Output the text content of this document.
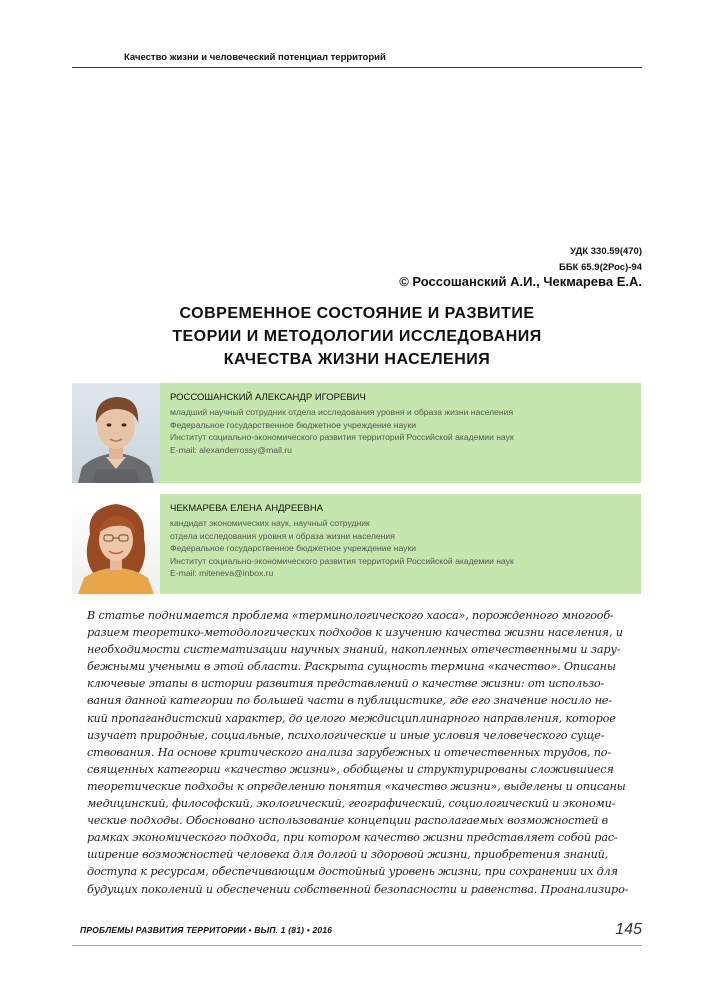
Качество жизни и человеческий потенциал территорий
УДК 330.59(470)
ББК 65.9(2Рос)-94
© Россошанский А.И., Чекмарева Е.А.
СОВРЕМЕННОЕ СОСТОЯНИЕ И РАЗВИТИЕ
ТЕОРИИ И МЕТОДОЛОГИИ ИССЛЕДОВАНИЯ
КАЧЕСТВА ЖИЗНИ НАСЕЛЕНИЯ
РОССОШАНСКИЙ АЛЕКСАНДР ИГОРЕВИЧ
младший научный сотрудник отдела исследования уровня и образа жизни населения
Федеральное государственное бюджетное учреждение науки
Институт социально-экономического развития территорий Российской академии наук
E-mail: alexanderrossy@mail.ru
ЧЕКМАРЕВА ЕЛЕНА АНДРЕЕВНА
кандидат экономических наук, научный сотрудник
отдела исследования уровня и образа жизни населения
Федеральное государственное бюджетное учреждение науки
Институт социально-экономического развития территорий Российской академии наук
E-mail: miteneva@inbox.ru
В статье поднимается проблема «терминологического хаоса», порожденного многооб-
разием теоретико-методологических подходов к изучению качества жизни населения, и
необходимости систематизации научных знаний, накопленных отечественными и зару-
бежными учеными в этой области. Раскрыта сущность термина «качество». Описаны
ключевые этапы в истории развития представлений о качестве жизни: от использо-
вания данной категории по большей части в публицистике, где его значение носило не-
кий пропагандистский характер, до целого междисциплинарного направления, которое
изучает природные, социальные, психологические и иные условия человеческого суще-
ствования. На основе критического анализа зарубежных и отечественных трудов, по-
священных категории «качество жизни», обобщены и структурированы сложившиеся
теоретические подходы к определению понятия «качество жизни», выделены и описаны
медицинский, философский, экологический, географический, социологический и экономи-
ческие подходы. Обосновано использование концепции располагаемых возможностей в
рамках экономического подхода, при котором качество жизни представляет собой рас-
ширение возможностей человека для долгой и здоровой жизни, приобретения знаний,
доступа к ресурсам, обеспечивающим достойный уровень жизни, при сохранении их для
будущих поколений и обеспечении собственной безопасности и равенства. Проанализиро-
ПРОБЛЕМЫ РАЗВИТИЯ ТЕРРИТОРИИ • ВЫП. 1 (81) • 2016	145
